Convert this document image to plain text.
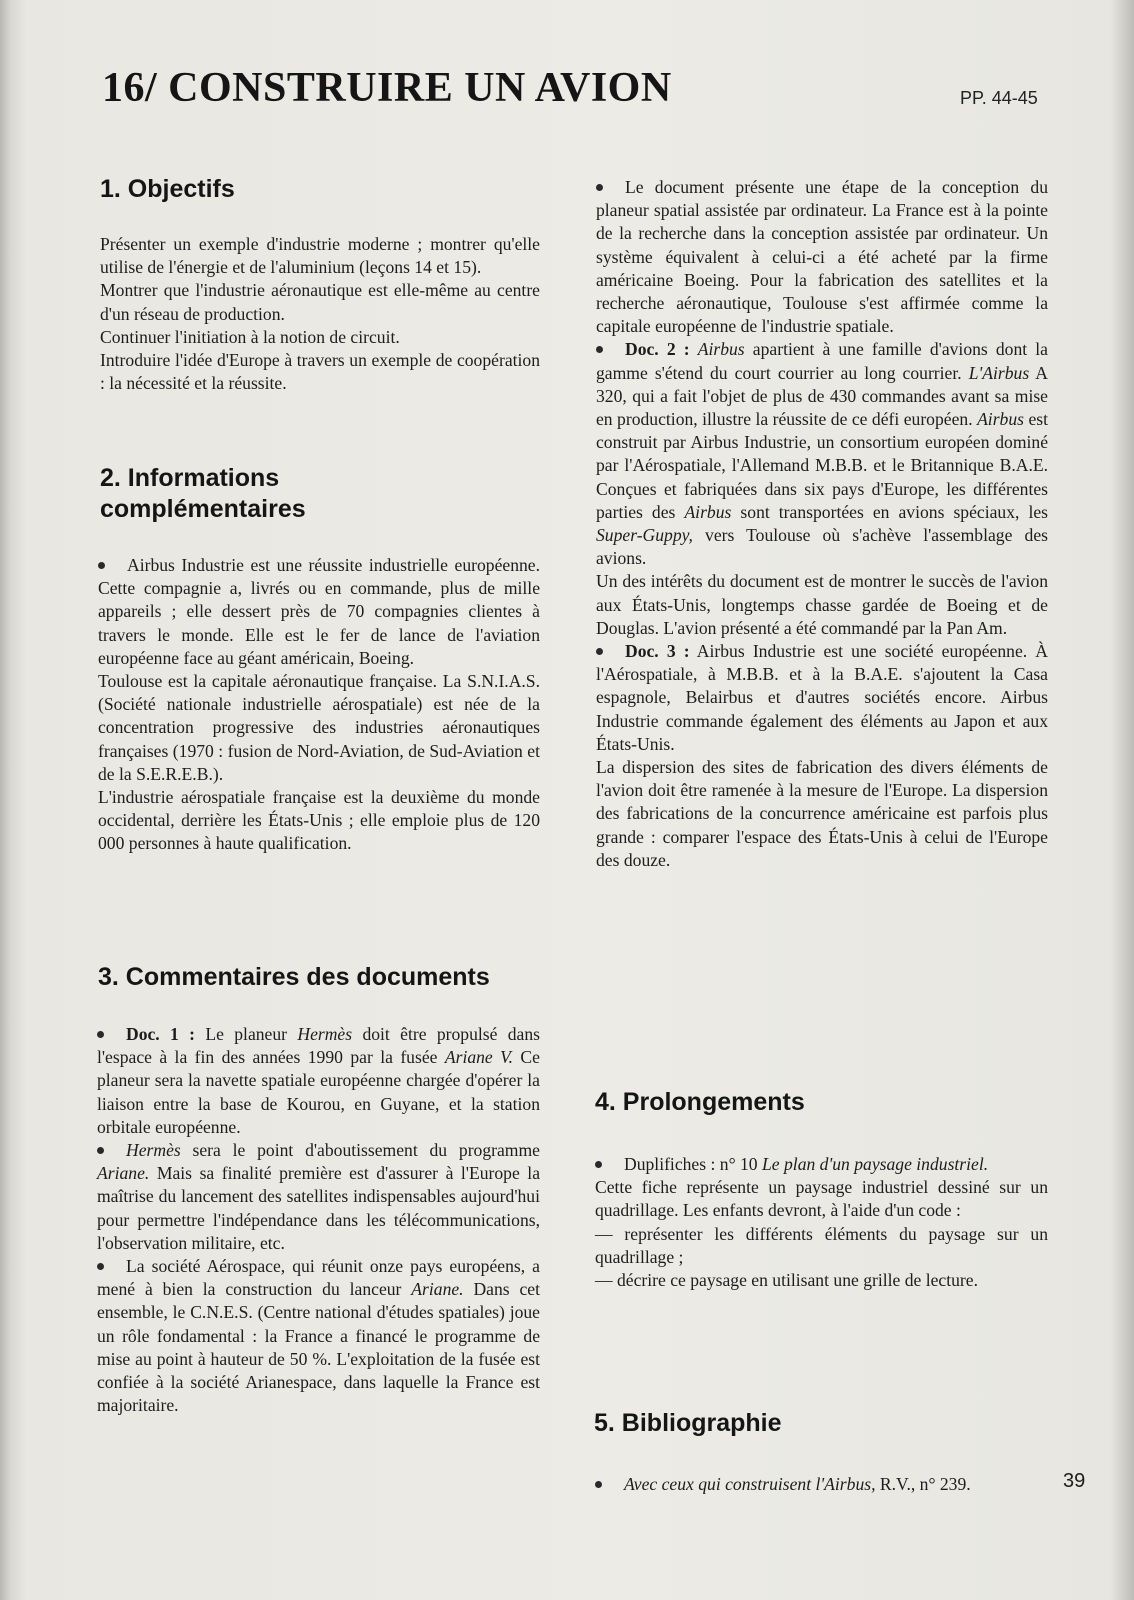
16/ CONSTRUIRE UN AVION	PP. 44-45
1. Objectifs

Présenter un exemple d'industrie moderne ; montrer qu'elle utilise de l'énergie et de l'aluminium (leçons 14 et 15).

Montrer que l'industrie aéronautique est elle-même au centre d'un réseau de production.

Continuer l'initiation à la notion de circuit.

Introduire l'idée d'Europe à travers un exemple de coopération : la nécessité et la réussite.

2. Informations
complémentaires

Airbus Industrie est une réussite industrielle européenne. Cette compagnie a, livrés ou en commande, plus de mille appareils ; elle dessert près de 70 compagnies clientes à travers le monde. Elle est le fer de lance de l'aviation européenne face au géant américain, Boeing.

Toulouse est la capitale aéronautique française. La S.N.I.A.S. (Société nationale industrielle aérospatiale) est née de la concentration progressive des industries aéronautiques françaises (1970 : fusion de Nord-Aviation, de Sud-Aviation et de la S.E.R.E.B.).

L'industrie aérospatiale française est la deuxième du monde occidental, derrière les États-Unis ; elle emploie plus de 120 000 personnes à haute qualification.

3. Commentaires des documents

Doc. 1 : Le planeur Hermès doit être propulsé dans l'espace à la fin des années 1990 par la fusée Ariane V. Ce planeur sera la navette spatiale européenne chargée d'opérer la liaison entre la base de Kourou, en Guyane, et la station orbitale européenne.

Hermès sera le point d'aboutissement du programme Ariane. Mais sa finalité première est d'assurer à l'Europe la maîtrise du lancement des satellites indispensables aujourd'hui pour permettre l'indépendance dans les télécommunications, l'observation militaire, etc.

La société Aérospace, qui réunit onze pays européens, a mené à bien la construction du lanceur Ariane. Dans cet ensemble, le C.N.E.S. (Centre national d'études spatiales) joue un rôle fondamental : la France a financé le programme de mise au point à hauteur de 50 %. L'exploitation de la fusée est confiée à la société Arianespace, dans laquelle la France est majoritaire.

Le document présente une étape de la conception du planeur spatial assistée par ordinateur. La France est à la pointe de la recherche dans la conception assistée par ordinateur. Un système équivalent à celui-ci a été acheté par la firme américaine Boeing. Pour la fabrication des satellites et la recherche aéronautique, Toulouse s'est affirmée comme la capitale européenne de l'industrie spatiale.

Doc. 2 : Airbus apartient à une famille d'avions dont la gamme s'étend du court courrier au long courrier. L'Airbus A 320, qui a fait l'objet de plus de 430 commandes avant sa mise en production, illustre la réussite de ce défi européen. Airbus est construit par Airbus Industrie, un consortium européen dominé par l'Aérospatiale, l'Allemand M.B.B. et le Britannique B.A.E. Conçues et fabriquées dans six pays d'Europe, les différentes parties des Airbus sont transportées en avions spéciaux, les Super-Guppy, vers Toulouse où s'achève l'assemblage des avions.

Un des intérêts du document est de montrer le succès de l'avion aux États-Unis, longtemps chasse gardée de Boeing et de Douglas. L'avion présenté a été commandé par la Pan Am.

Doc. 3 : Airbus Industrie est une société européenne. À l'Aérospatiale, à M.B.B. et à la B.A.E. s'ajoutent la Casa espagnole, Belairbus et d'autres sociétés encore. Airbus Industrie commande également des éléments au Japon et aux États-Unis.

La dispersion des sites de fabrication des divers éléments de l'avion doit être ramenée à la mesure de l'Europe. La dispersion des fabrications de la concurrence américaine est parfois plus grande : comparer l'espace des États-Unis à celui de l'Europe des douze.

4. Prolongements

Duplifiches : n° 10 Le plan d'un paysage industriel.

Cette fiche représente un paysage industriel dessiné sur un quadrillage. Les enfants devront, à l'aide d'un code :

— représenter les différents éléments du paysage sur un quadrillage ;

— décrire ce paysage en utilisant une grille de lecture.

5. Bibliographie

Avec ceux qui construisent l'Airbus, R.V., n° 239.	39
